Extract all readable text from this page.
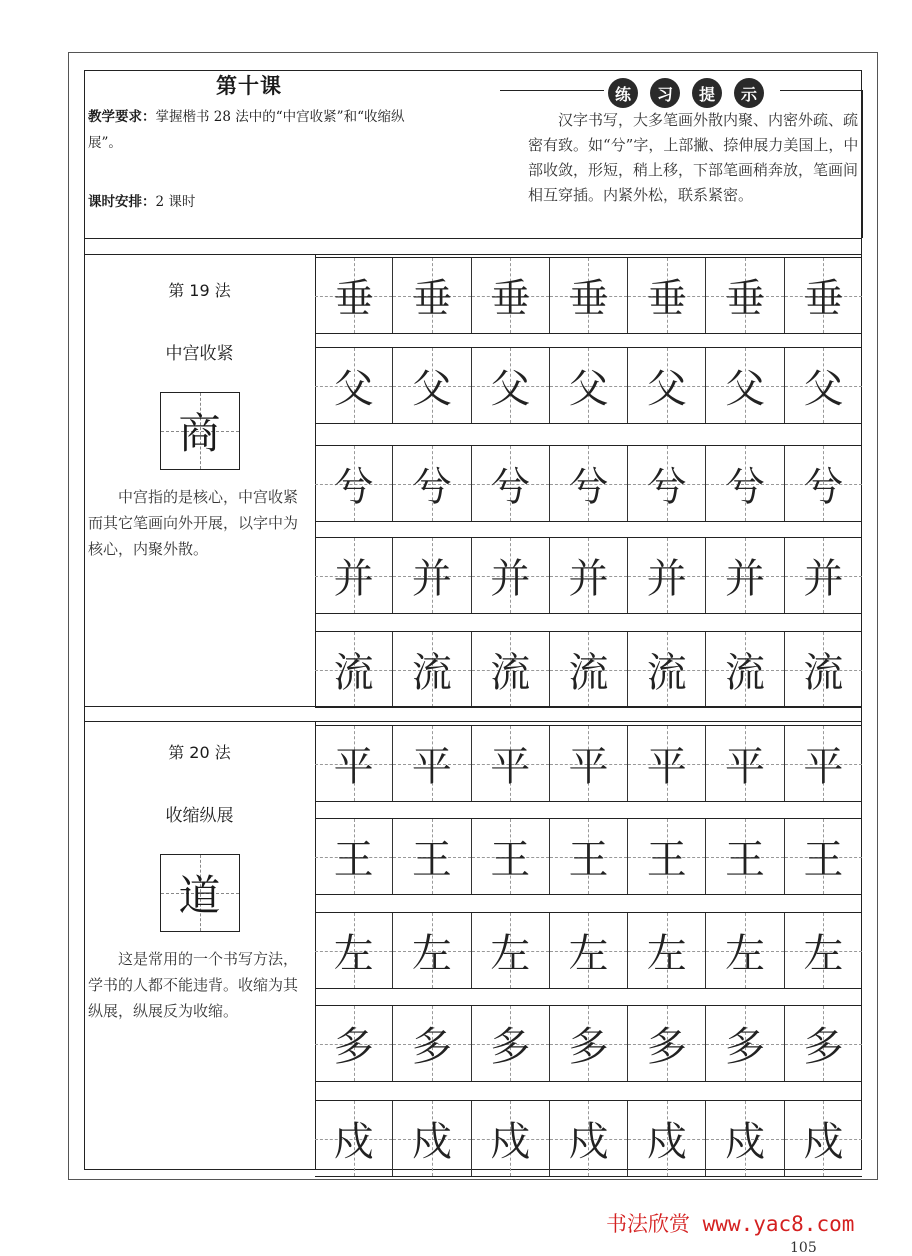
第十课
教学要求：掌握楷书 28 法中的“中宫收紧”和“收缩纵展”。
课时安排：2 课时
练	习	提	示

汉字书写，大多笔画外散内聚、内密外疏、疏密有致。如“兮”字，上部撇、捺伸展力美国上，中部收敛，形短，稍上移，下部笔画稍奔放，笔画间相互穿插。内紧外松，联系紧密。

第 19 法
中宫收紧
商

中宫指的是核心，中宫收紧而其它笔画向外开展，以字中为核心，内聚外散。

垂 垂 垂 垂 垂 垂 垂
父 父 父 父 父 父 父
兮 兮 兮 兮 兮 兮 兮
并 并 并 并 并 并 并
流 流 流 流 流 流 流
第 20 法
收缩纵展
道

这是常用的一个书写方法，学书的人都不能违背。收缩为其纵展，纵展反为收缩。

平 平 平 平 平 平 平
王 王 王 王 王 王 王
左 左 左 左 左 左 左
多 多 多 多 多 多 多
戍 戍 戍 戍 戍 戍 戍
书法欣赏 www.yac8.com
105
